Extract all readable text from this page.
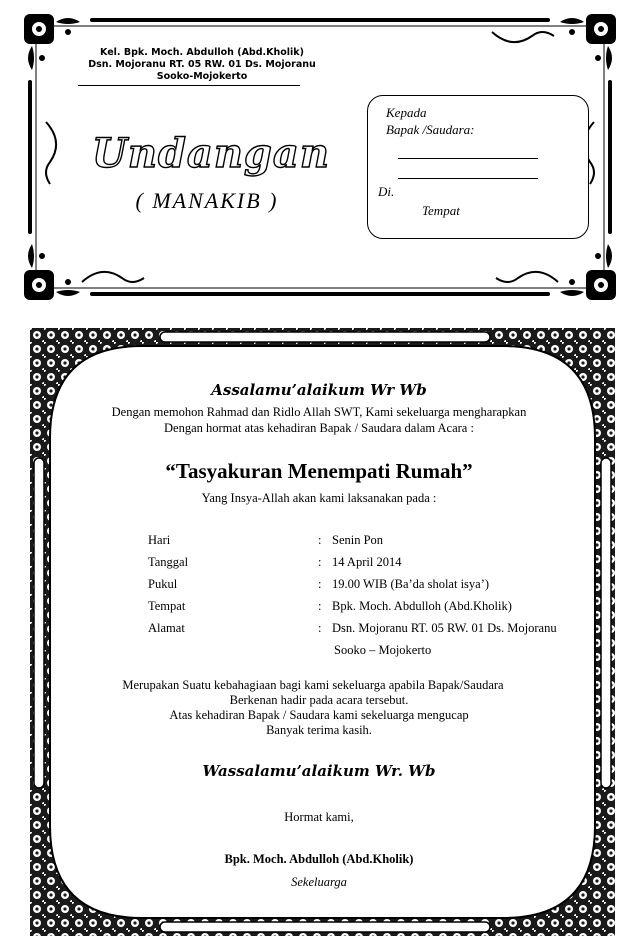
Kel. Bpk. Moch. Abdulloh (Abd.Kholik)
Dsn. Mojoranu RT. 05 RW. 01 Ds. Mojoranu
Sooko-Mojokerto
Undangan
( MANAKIB )
Kepada
Bapak /Saudara:
Di.
Tempat
Assalamu’alaikum Wr Wb
Dengan memohon Rahmad dan Ridlo Allah SWT, Kami sekeluarga mengharapkan
Dengan hormat atas kehadiran Bapak / Saudara dalam Acara :
“Tasyakuran Menempati Rumah”
Yang Insya-Allah akan kami laksanakan pada :
Hari	: Senin Pon
Tanggal	: 14 April 2014
Pukul	: 19.00 WIB (Ba’da sholat isya’)
Tempat	: Bpk. Moch. Abdulloh (Abd.Kholik)
Alamat	: Dsn. Mojoranu RT. 05 RW. 01 Ds. Mojoranu
Sooko – Mojokerto
Merupakan Suatu kebahagiaan bagi kami sekeluarga apabila Bapak/Saudara
Berkenan hadir pada acara tersebut.
Atas kehadiran Bapak / Saudara kami sekeluarga mengucap
Banyak terima kasih.
Wassalamu’alaikum Wr. Wb
Hormat kami,
Bpk. Moch. Abdulloh (Abd.Kholik)
Sekeluarga
